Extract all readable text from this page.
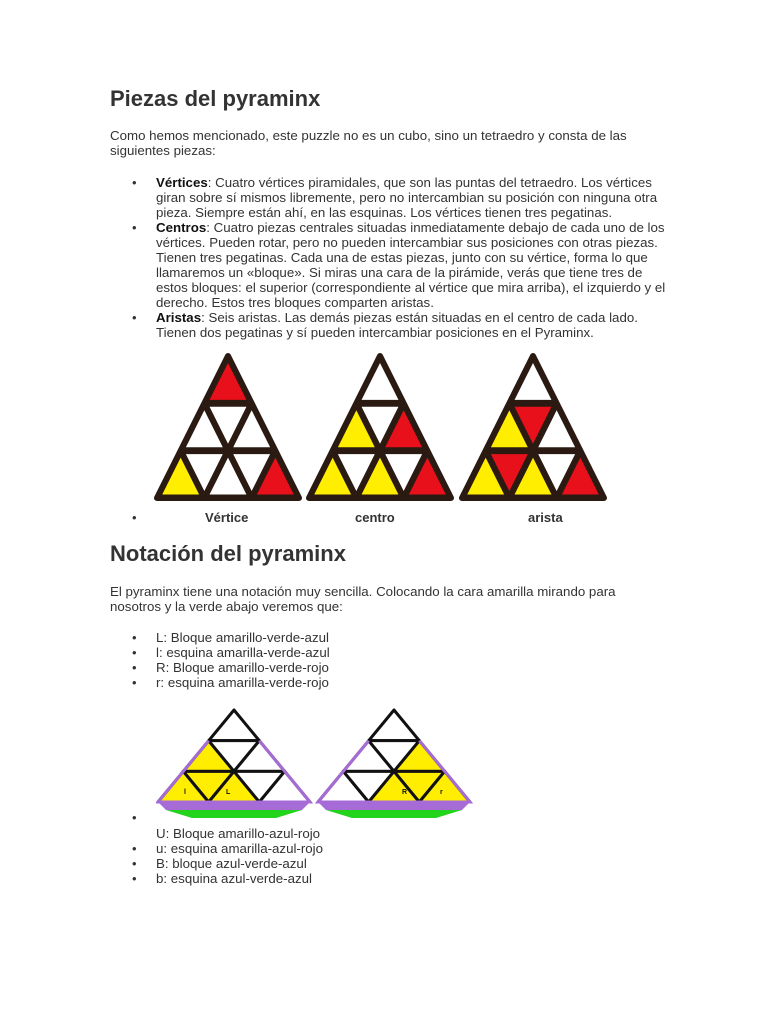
Piezas del pyraminx

Como hemos mencionado, este puzzle no es un cubo, sino un tetraedro y consta de las siguientes piezas:

• Vértices: Cuatro vértices piramidales, que son las puntas del tetraedro. Los vértices giran sobre sí mismos libremente, pero no intercambian su posición con ninguna otra pieza. Siempre están ahí, en las esquinas. Los vértices tienen tres pegatinas.
• Centros: Cuatro piezas centrales situadas inmediatamente debajo de cada uno de los vértices. Pueden rotar, pero no pueden intercambiar sus posiciones con otras piezas. Tienen tres pegatinas. Cada una de estas piezas, junto con su vértice, forma lo que llamaremos un «bloque». Si miras una cara de la pirámide, verás que tiene tres de estos bloques: el superior (correspondiente al vértice que mira arriba), el izquierdo y el derecho. Estos tres bloques comparten aristas.
• Aristas: Seis aristas. Las demás piezas están situadas en el centro de cada lado. Tienen dos pegatinas y sí pueden intercambiar posiciones en el Pyraminx.
•	Vértice	centro	arista
Notación del pyraminx

El pyraminx tiene una notación muy sencilla. Colocando la cara amarilla mirando para nosotros y la verde abajo veremos que:

• L: Bloque amarillo-verde-azul
• l: esquina amarilla-verde-azul
• R: Bloque amarillo-verde-rojo
• r: esquina amarilla-verde-rojo
l	L	R	r
•
U: Bloque amarillo-azul-rojo
• u: esquina amarilla-azul-rojo
• B: bloque azul-verde-azul
• b: esquina azul-verde-azul
